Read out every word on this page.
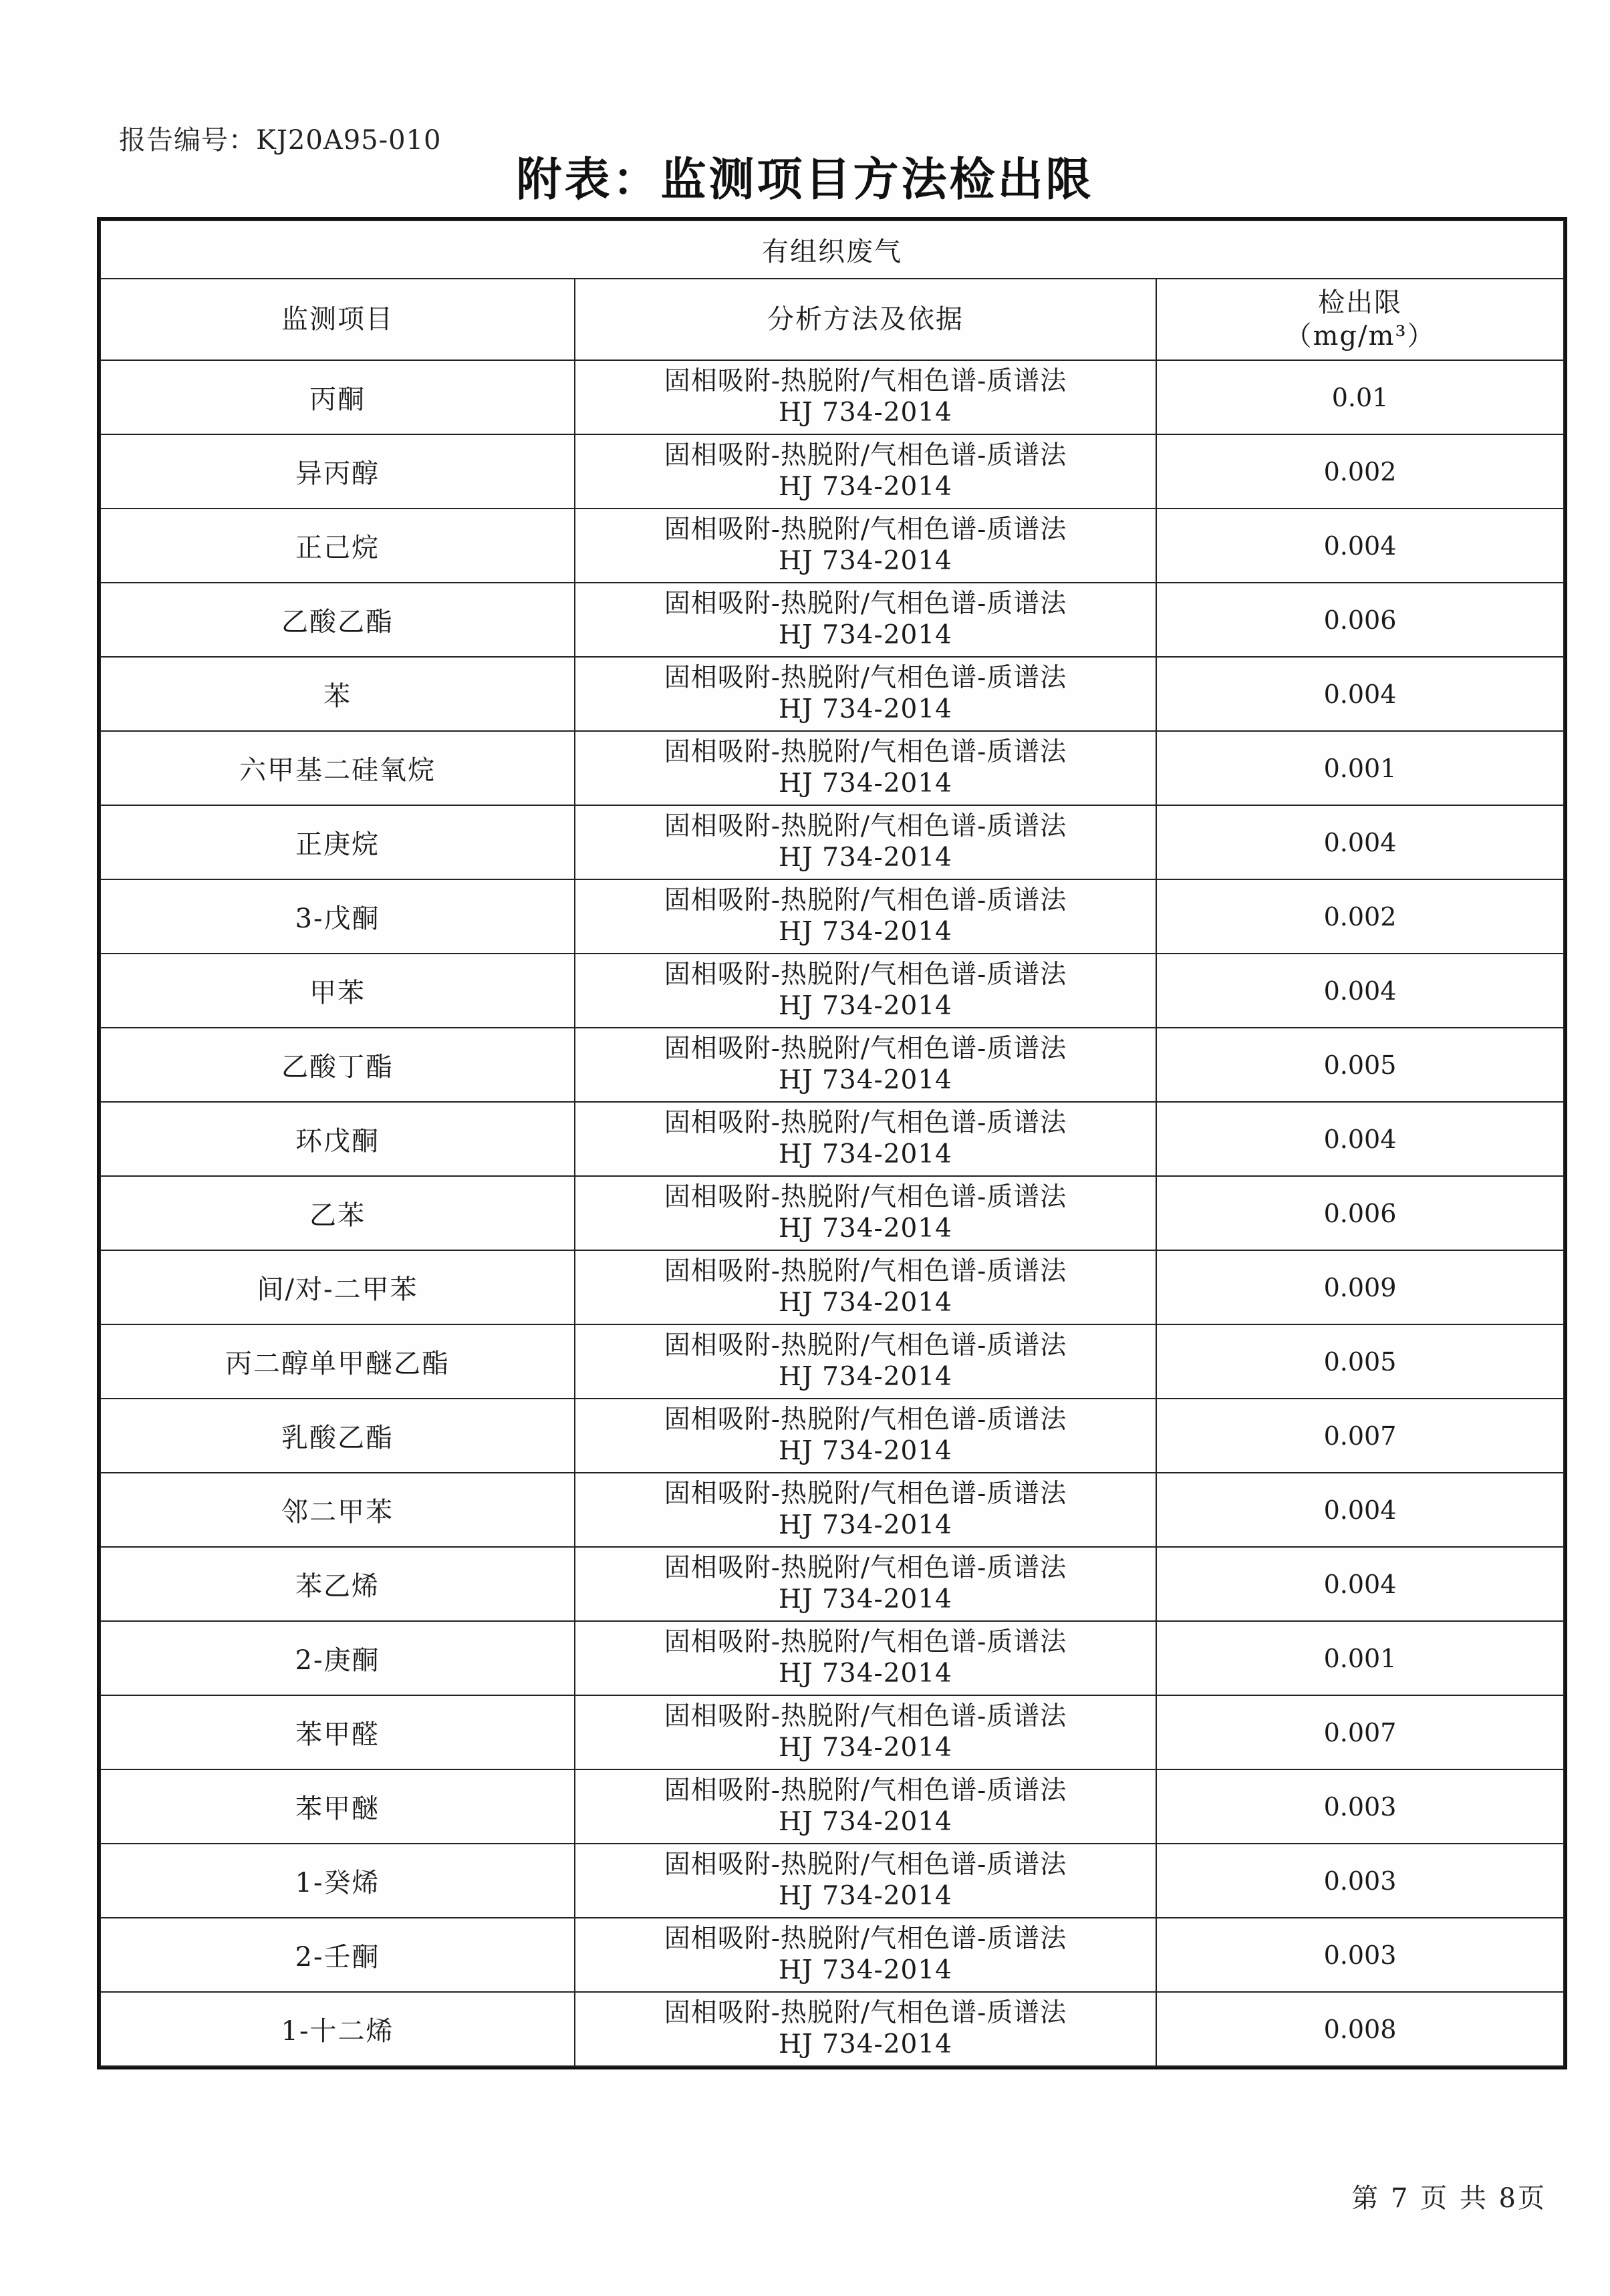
报告编号：KJ20A95-010
附表：监测项目方法检出限
有组织废气		
监测项目	分析方法及依据	检出限
（mg/m³）

丙酮	固相吸附-热脱附/气相色谱-质谱法
HJ 734-2014	0.01
异丙醇	固相吸附-热脱附/气相色谱-质谱法
HJ 734-2014	0.002
正己烷	固相吸附-热脱附/气相色谱-质谱法
HJ 734-2014	0.004
乙酸乙酯	固相吸附-热脱附/气相色谱-质谱法
HJ 734-2014	0.006
苯	固相吸附-热脱附/气相色谱-质谱法
HJ 734-2014	0.004
六甲基二硅氧烷	固相吸附-热脱附/气相色谱-质谱法
HJ 734-2014	0.001
正庚烷	固相吸附-热脱附/气相色谱-质谱法
HJ 734-2014	0.004
3-戊酮	固相吸附-热脱附/气相色谱-质谱法
HJ 734-2014	0.002
甲苯	固相吸附-热脱附/气相色谱-质谱法
HJ 734-2014	0.004
乙酸丁酯	固相吸附-热脱附/气相色谱-质谱法
HJ 734-2014	0.005
环戊酮	固相吸附-热脱附/气相色谱-质谱法
HJ 734-2014	0.004
乙苯	固相吸附-热脱附/气相色谱-质谱法
HJ 734-2014	0.006
间/对-二甲苯	固相吸附-热脱附/气相色谱-质谱法
HJ 734-2014	0.009
丙二醇单甲醚乙酯	固相吸附-热脱附/气相色谱-质谱法
HJ 734-2014	0.005
乳酸乙酯	固相吸附-热脱附/气相色谱-质谱法
HJ 734-2014	0.007
邻二甲苯	固相吸附-热脱附/气相色谱-质谱法
HJ 734-2014	0.004
苯乙烯	固相吸附-热脱附/气相色谱-质谱法
HJ 734-2014	0.004
2-庚酮	固相吸附-热脱附/气相色谱-质谱法
HJ 734-2014	0.001
苯甲醛	固相吸附-热脱附/气相色谱-质谱法
HJ 734-2014	0.007
苯甲醚	固相吸附-热脱附/气相色谱-质谱法
HJ 734-2014	0.003
1-癸烯	固相吸附-热脱附/气相色谱-质谱法
HJ 734-2014	0.003
2-壬酮	固相吸附-热脱附/气相色谱-质谱法
HJ 734-2014	0.003
1-十二烯	固相吸附-热脱附/气相色谱-质谱法
HJ 734-2014	0.008
第 7 页 共 8页
